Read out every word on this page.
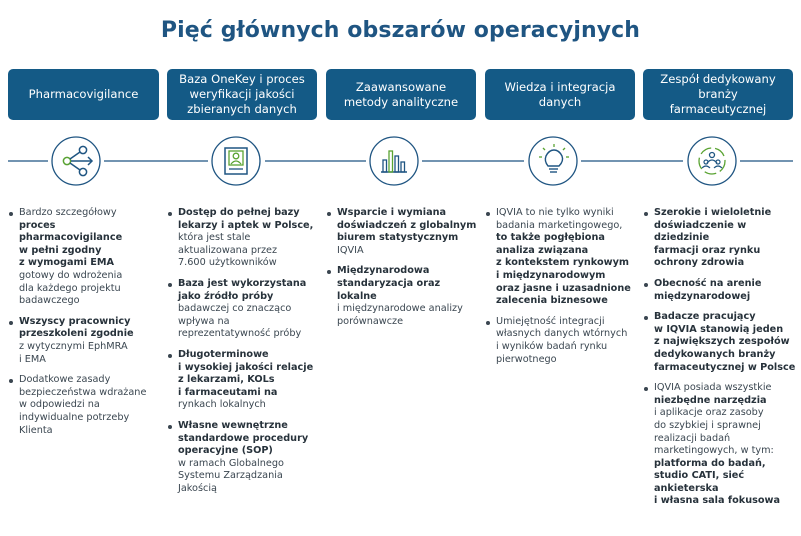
Pięć głównych obszarów operacyjnych
Pharmacovigilance
Baza OneKey i proces weryfikacji jakości zbieranych danych
Zaawansowane metody analityczne
Wiedza i integracja danych
Zespół dedykowany branży farmaceutycznej
Bardzo szczegółowy
proces pharmacovigilance
w pełni zgodny
z wymogami EMA
gotowy do wdrożenia
dla każdego projektu
badawczego
Wszyscy pracownicy
przeszkoleni zgodnie
z wytycznymi EphMRA
i EMA
Dodatkowe zasady
bezpieczeństwa wdrażane
w odpowiedzi na
indywidualne potrzeby
Klienta
Dostęp do pełnej bazy
lekarzy i aptek w Polsce,
która jest stale
aktualizowana przez
7.600 użytkowników
Baza jest wykorzystana
jako źródło próby
badawczej co znacząco
wpływa na
reprezentatywność próby
Długoterminowe
i wysokiej jakości relacje
z lekarzami, KOLs
i farmaceutami na
rynkach lokalnych
Własne wewnętrzne
standardowe procedury
operacyjne (SOP)
w ramach Globalnego
Systemu Zarządzania
Jakością
Wsparcie i wymiana
doświadczeń z globalnym
biurem statystycznym
IQVIA
Międzynarodowa
standaryzacja oraz lokalne
i międzynarodowe analizy
porównawcze
IQVIA to nie tylko wyniki
badania marketingowego,
to także pogłębiona
analiza związana
z kontekstem rynkowym
i międzynarodowym
oraz jasne i uzasadnione
zalecenia biznesowe
Umiejętność integracji
własnych danych wtórnych
i wyników badań rynku
pierwotnego
Szerokie i wieloletnie
doświadczenie w dziedzinie
farmacji oraz rynku
ochrony zdrowia
Obecność na arenie
międzynarodowej
Badacze pracujący
w IQVIA stanowią jeden
z największych zespołów
dedykowanych branży
farmaceutycznej w Polsce
IQVIA posiada wszystkie
niezbędne narzędzia
i aplikacje oraz zasoby
do szybkiej i sprawnej
realizacji badań
marketingowych, w tym:
platforma do badań,
studio CATI, sieć ankieterska
i własna sala fokusowa
